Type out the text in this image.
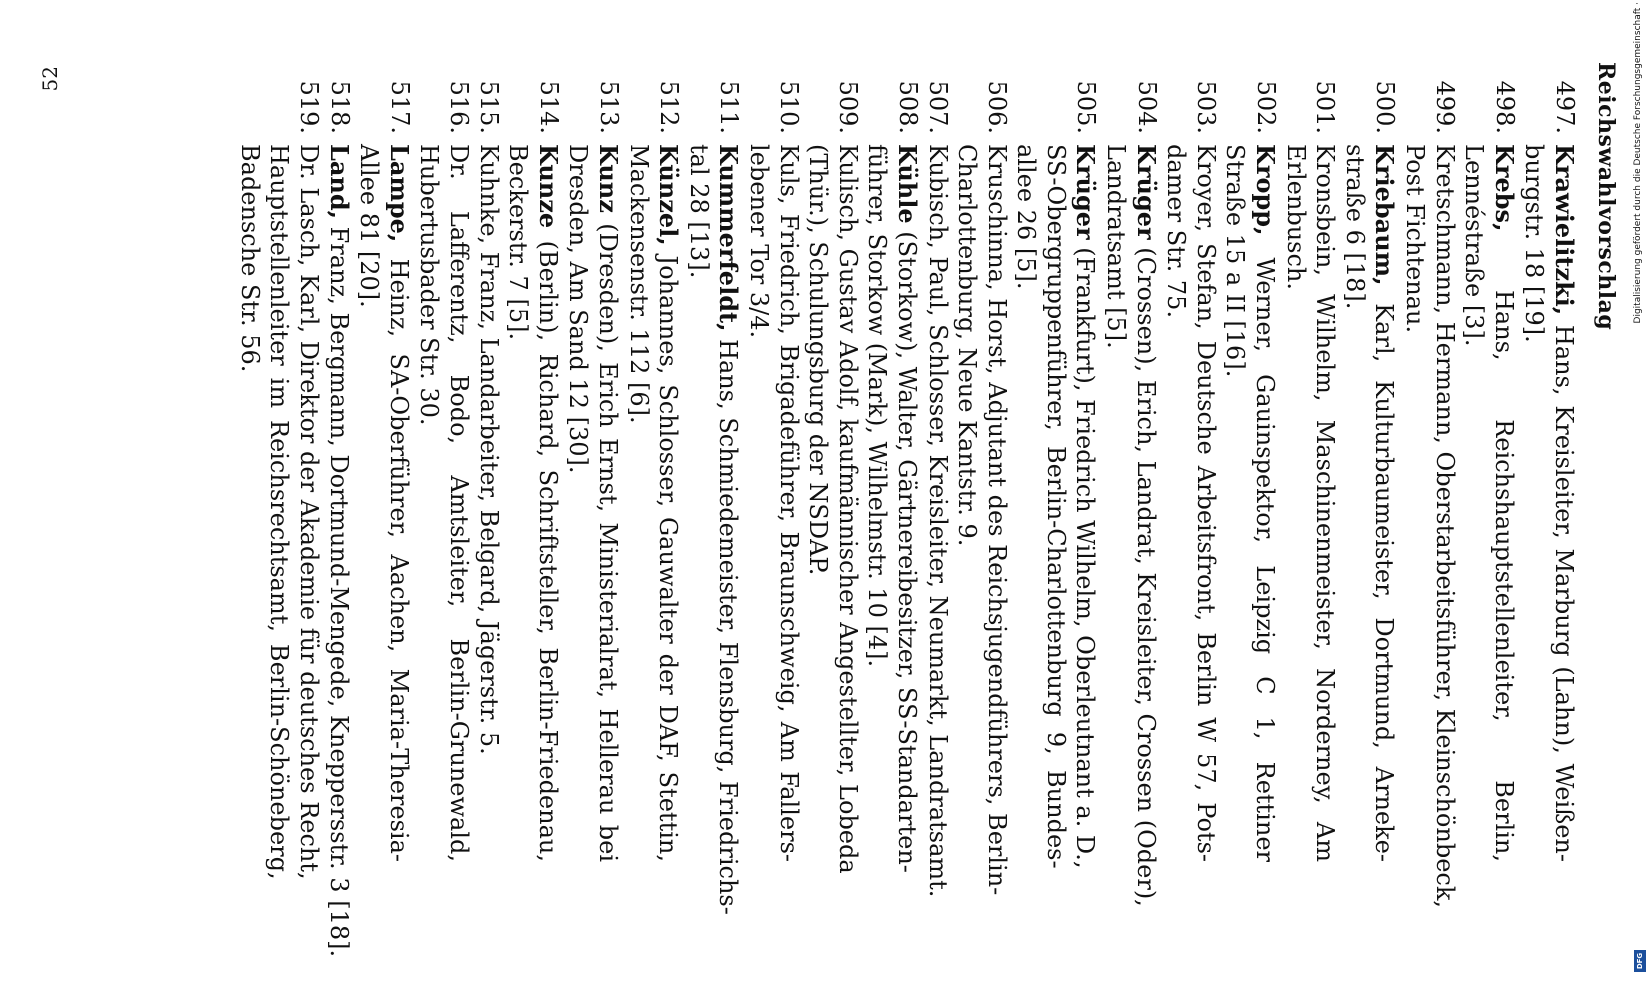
Reichswahlvorschlag
497.
Krawielitzki, Hans, Kreisleiter, Marburg (Lahn), Weißen-
burgstr. 18 [19].
498.
Krebs, Hans, Reichshauptstellenleiter, Berlin,
Lennéstraße [3].
499.
Kretschmann, Hermann, Oberstarbeitsführer, Kleinschönbeck,
Post Fichtenau.
500.
Kriebaum, Karl, Kulturbaumeister, Dortmund, Arneke-
straße 6 [18].
501.
Kronsbein, Wilhelm, Maschinenmeister, Norderney, Am
Erlenbusch.
502.
Kropp, Werner, Gauinspektor, Leipzig C 1, Rettiner
Straße 15 a II [16].
503.
Kroyer, Stefan, Deutsche Arbeitsfront, Berlin W 57, Pots-
damer Str. 75.
504.
Krüger (Crossen), Erich, Landrat, Kreisleiter, Crossen (Oder),
Landratsamt [5].
505.
Krüger (Frankfurt), Friedrich Wilhelm, Oberleutnant a. D.,
SS-Obergruppenführer, Berlin-Charlottenburg 9, Bundes-
allee 26 [5].
506.
Kruschinna, Horst, Adjutant des Reichsjugendführers, Berlin-
Charlottenburg, Neue Kantstr. 9.
507.
Kubisch, Paul, Schlosser, Kreisleiter, Neumarkt, Landratsamt.
508.
Kühle (Storkow), Walter, Gärtnereibesitzer, SS-Standarten-
führer, Storkow (Mark), Wilhelmstr. 10 [4].
509.
Kulisch, Gustav Adolf, kaufmännischer Angestellter, Lobeda
(Thür.), Schulungsburg der NSDAP.
510.
Kuls, Friedrich, Brigadeführer, Braunschweig, Am Fallers-
lebener Tor 3/4.
511.
Kummerfeldt, Hans, Schmiedemeister, Flensburg, Friedrichs-
tal 28 [13].
512.
Künzel, Johannes, Schlosser, Gauwalter der DAF, Stettin,
Mackensenstr. 112 [6].
513.
Kunz (Dresden), Erich Ernst, Ministerialrat, Hellerau bei
Dresden, Am Sand 12 [30].
514.
Kunze (Berlin), Richard, Schriftsteller, Berlin-Friedenau,
Beckerstr. 7 [5].
515.
Kuhnke, Franz, Landarbeiter, Belgard, Jägerstr. 5.
516.
Dr. Lafferentz, Bodo, Amtsleiter, Berlin-Grunewald,
Hubertusbader Str. 30.
517.
Lampe, Heinz, SA-Oberführer, Aachen, Maria-Theresia-
Allee 81 [20].
518.
Land, Franz, Bergmann, Dortmund-Mengede, Kneppersstr. 3 [18].
519.
Dr. Lasch, Karl, Direktor der Akademie für deutsches Recht,
Hauptstellenleiter im Reichsrechtsamt, Berlin-Schöneberg,
Badensche Str. 56.
52	Digitalisierung gefördert durch die Deutsche Forschungsgemeinschaft ·
DFG
